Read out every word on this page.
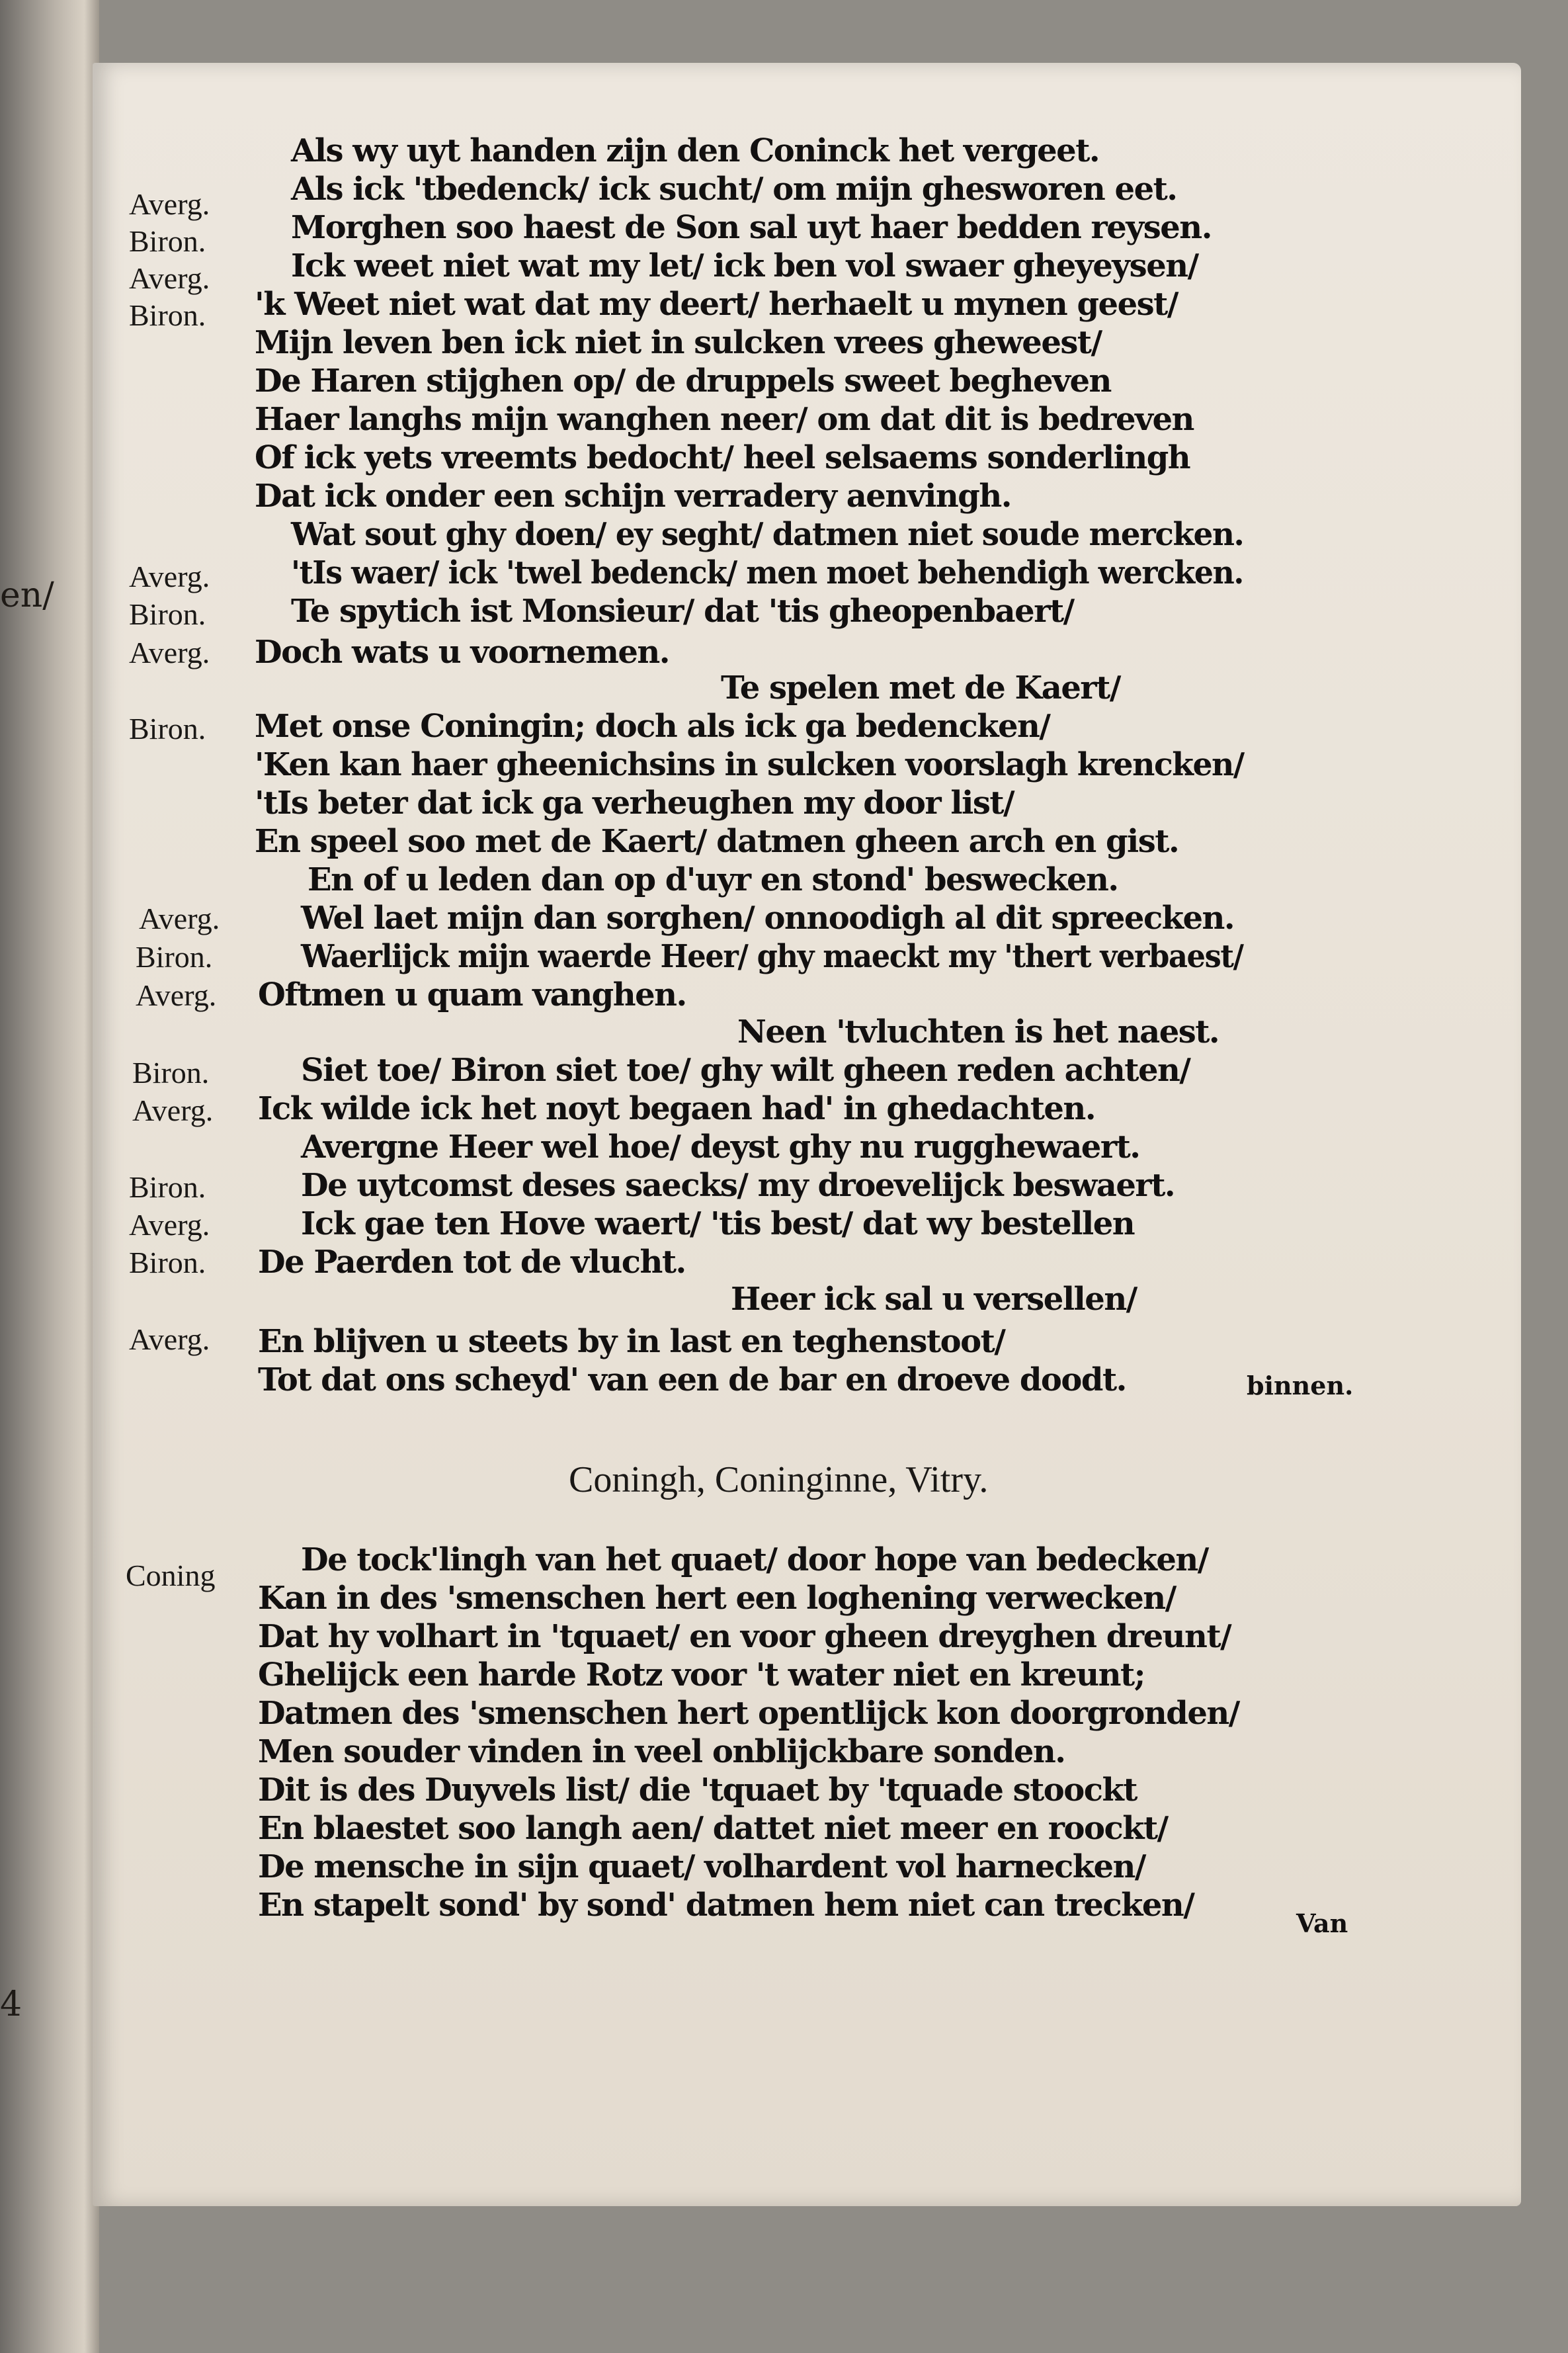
en/
4
Averg.
Biron.
Averg.
Biron.
Averg.
Biron.
Averg.
Biron.
Averg.
Biron.
Averg.
Biron.
Averg.
Biron.
Averg.
Biron.
Averg.
Coning
Als wy uyt handen zijn den Coninck het vergeet.
Als ick 'tbedenck/ ick sucht/ om mijn ghesworen eet.
Morghen soo haest de Son sal uyt haer bedden reysen.
Ick weet niet wat my let/ ick ben vol swaer gheyeysen/
'k Weet niet wat dat my deert/ herhaelt u mynen geest/
Mijn leven ben ick niet in sulcken vrees gheweest/
De Haren stijghen op/ de druppels sweet begheven
Haer langhs mijn wanghen neer/ om dat dit is bedreven
Of ick yets vreemts bedocht/ heel selsaems sonderlingh
Dat ick onder een schijn verradery aenvingh.
Wat sout ghy doen/ ey seght/ datmen niet soude mercken.
'tIs waer/ ick 'twel bedenck/ men moet behendigh wercken.
Te spytich ist Monsieur/ dat 'tis gheopenbaert/
Doch wats u voornemen.
Te spelen met de Kaert/
Met onse Coningin; doch als ick ga bedencken/
'Ken kan haer gheenichsins in sulcken voorslagh krencken/
'tIs beter dat ick ga verheughen my door list/
En speel soo met de Kaert/ datmen gheen arch en gist.
En of u leden dan op d'uyr en stond' beswecken.
Wel laet mijn dan sorghen/ onnoodigh al dit spreecken.
Waerlijck mijn waerde Heer/ ghy maeckt my 'thert verbaest/
Oftmen u quam vanghen.
Neen 'tvluchten is het naest.
Siet toe/ Biron siet toe/ ghy wilt gheen reden achten/
Ick wilde ick het noyt begaen had' in ghedachten.
Avergne Heer wel hoe/ deyst ghy nu rugghewaert.
De uytcomst deses saecks/ my droevelijck beswaert.
Ick gae ten Hove waert/ 'tis best/ dat wy bestellen
De Paerden tot de vlucht.
Heer ick sal u versellen/
En blijven u steets by in last en teghenstoot/
Tot dat ons scheyd' van een de bar en droeve doodt.	binnen.
Coningh, Coninginne, Vitry.
De tock'lingh van het quaet/ door hope van bedecken/
Kan in des 'smenschen hert een loghening verwecken/
Dat hy volhart in 'tquaet/ en voor gheen dreyghen dreunt/
Ghelijck een harde Rotz voor 't water niet en kreunt;
Datmen des 'smenschen hert opentlijck kon doorgronden/
Men souder vinden in veel onblijckbare sonden.
Dit is des Duyvels list/ die 'tquaet by 'tquade stoockt
En blaestet soo langh aen/ dattet niet meer en roockt/
De mensche in sijn quaet/ volhardent vol harnecken/
En stapelt sond' by sond' datmen hem niet can trecken/	Van
